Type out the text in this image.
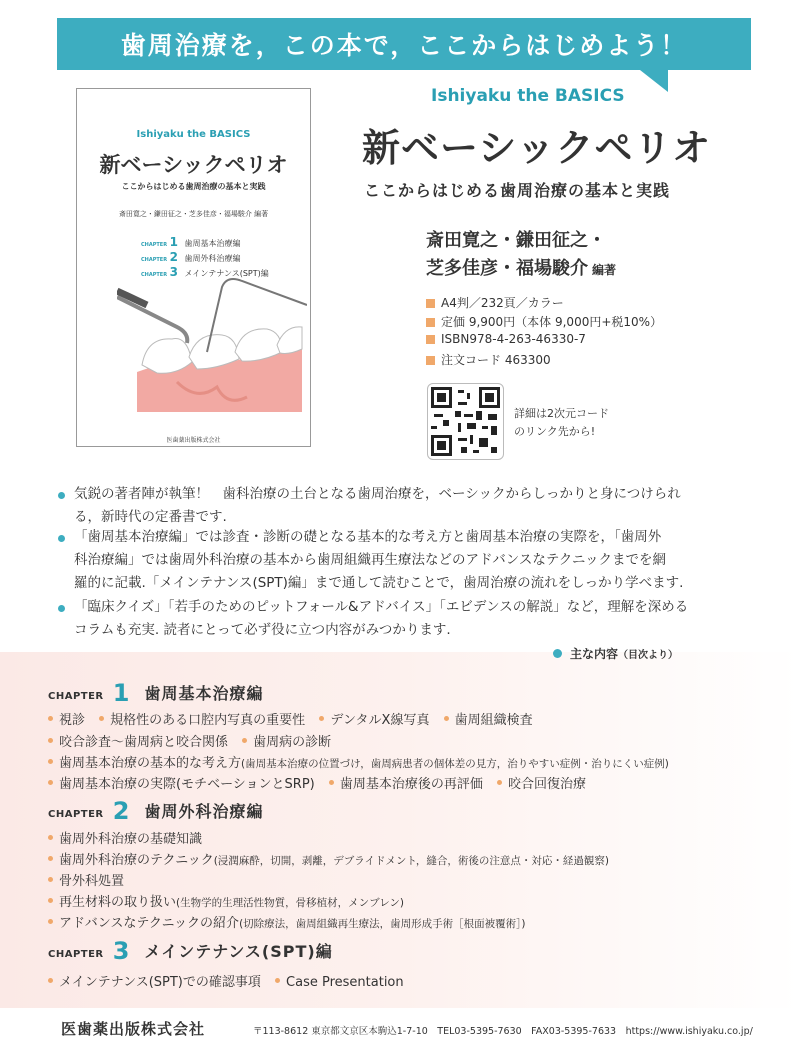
歯周治療を，この本で，ここからはじめよう！
Ishiyaku the BASICS
新ベーシックペリオ
ここからはじめる歯周治療の基本と実践
斎田寛之・鎌田征之・芝多佳彦・福場駿介 編著
CHAPTER 1 歯周基本治療編
CHAPTER 2 歯周外科治療編
CHAPTER 3 メインテナンス(SPT)編
医歯薬出版株式会社
Ishiyaku the BASICS
新ベーシックペリオ
ここからはじめる歯周治療の基本と実践
斎田寛之・鎌田征之・
芝多佳彦・福場駿介 編著
A4判／232頁／カラー
定価 9,900円（本体 9,000円+税10%）
ISBN978-4-263-46330-7
注文コード 463300
詳細は2次元コード
のリンク先から!
気鋭の著者陣が執筆！　歯科治療の土台となる歯周治療を，ベーシックからしっかりと身につけられ
る，新時代の定番書です.
「歯周基本治療編」では診査・診断の礎となる基本的な考え方と歯周基本治療の実際を，「歯周外
科治療編」では歯周外科治療の基本から歯周組織再生療法などのアドバンスなテクニックまでを網
羅的に記載.「メインテナンス(SPT)編」まで通して読むことで，歯周治療の流れをしっかり学べます.
「臨床クイズ」「若手のためのピットフォール&アドバイス」「エビデンスの解説」など，理解を深める
コラムも充実. 読者にとって必ず役に立つ内容がみつかります.
主な内容（目次より）
CHAPTER 1 歯周基本治療編
視診 規格性のある口腔内写真の重要性 デンタルX線写真 歯周組織検査
咬合診査～歯周病と咬合関係 歯周病の診断
歯周基本治療の基本的な考え方(歯周基本治療の位置づけ，歯周病患者の個体差の見方，治りやすい症例・治りにくい症例)
歯周基本治療の実際(モチベーションとSRP) 歯周基本治療後の再評価 咬合回復治療
CHAPTER 2 歯周外科治療編
歯周外科治療の基礎知識
歯周外科治療のテクニック(浸潤麻酔，切開，剥離，デブライドメント，縫合，術後の注意点・対応・経過観察)
骨外科処置
再生材料の取り扱い(生物学的生理活性物質，骨移植材，メンブレン)
アドバンスなテクニックの紹介(切除療法，歯周組織再生療法，歯周形成手術［根面被覆術］)
CHAPTER 3 メインテナンス(SPT)編
メインテナンス(SPT)での確認事項 Case Presentation
医歯薬出版株式会社	〒113-8612 東京都文京区本駒込1-7-10　TEL03-5395-7630　FAX03-5395-7633　https://www.ishiyaku.co.jp/
